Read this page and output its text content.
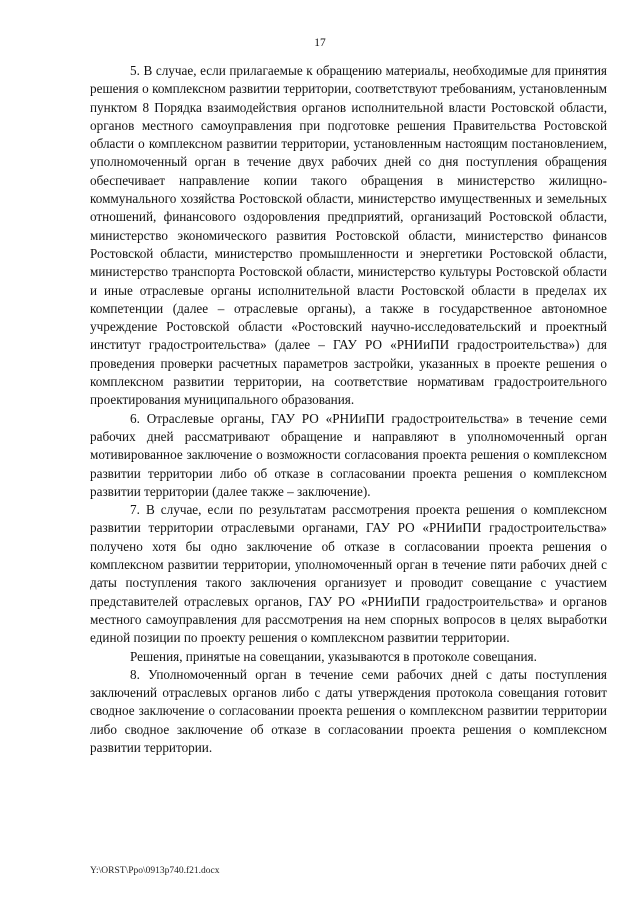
17

5. В случае, если прилагаемые к обращению материалы, необходимые для принятия решения о комплексном развитии территории, соответствуют требованиям, установленным пунктом 8 Порядка взаимодействия органов исполнительной власти Ростовской области, органов местного самоуправления при подготовке решения Правительства Ростовской области о комплексном развитии территории, установленным настоящим постановлением, уполномоченный орган в течение двух рабочих дней со дня поступления обращения обеспечивает направление копии такого обращения в министерство жилищно-коммунального хозяйства Ростовской области, министерство имущественных и земельных отношений, финансового оздоровления предприятий, организаций Ростовской области, министерство экономического развития Ростовской области, министерство финансов Ростовской области, министерство промышленности и энергетики Ростовской области, министерство транспорта Ростовской области, министерство культуры Ростовской области и иные отраслевые органы исполнительной власти Ростовской области в пределах их компетенции (далее – отраслевые органы), а также в государственное автономное учреждение Ростовской области «Ростовский научно-исследовательский и проектный институт градостроительства» (далее – ГАУ РО «РНИиПИ градостроительства») для проведения проверки расчетных параметров застройки, указанных в проекте решения о комплексном развитии территории, на соответствие нормативам градостроительного проектирования муниципального образования.

6. Отраслевые органы, ГАУ РО «РНИиПИ градостроительства» в течение семи рабочих дней рассматривают обращение и направляют в уполномоченный орган мотивированное заключение о возможности согласования проекта решения о комплексном развитии территории либо об отказе в согласовании проекта решения о комплексном развитии территории (далее также – заключение).

7. В случае, если по результатам рассмотрения проекта решения о комплексном развитии территории отраслевыми органами, ГАУ РО «РНИиПИ градостроительства» получено хотя бы одно заключение об отказе в согласовании проекта решения о комплексном развитии территории, уполномоченный орган в течение пяти рабочих дней с даты поступления такого заключения организует и проводит совещание с участием представителей отраслевых органов, ГАУ РО «РНИиПИ градостроительства» и органов местного самоуправления для рассмотрения на нем спорных вопросов в целях выработки единой позиции по проекту решения о комплексном развитии территории.

Решения, принятые на совещании, указываются в протоколе совещания.

8. Уполномоченный орган в течение семи рабочих дней с даты поступления заключений отраслевых органов либо с даты утверждения протокола совещания готовит сводное заключение о согласовании проекта решения о комплексном развитии территории либо сводное заключение об отказе в согласовании проекта решения о комплексном развитии территории.

Y:\ORST\Ppo\0913p740.f21.docx
